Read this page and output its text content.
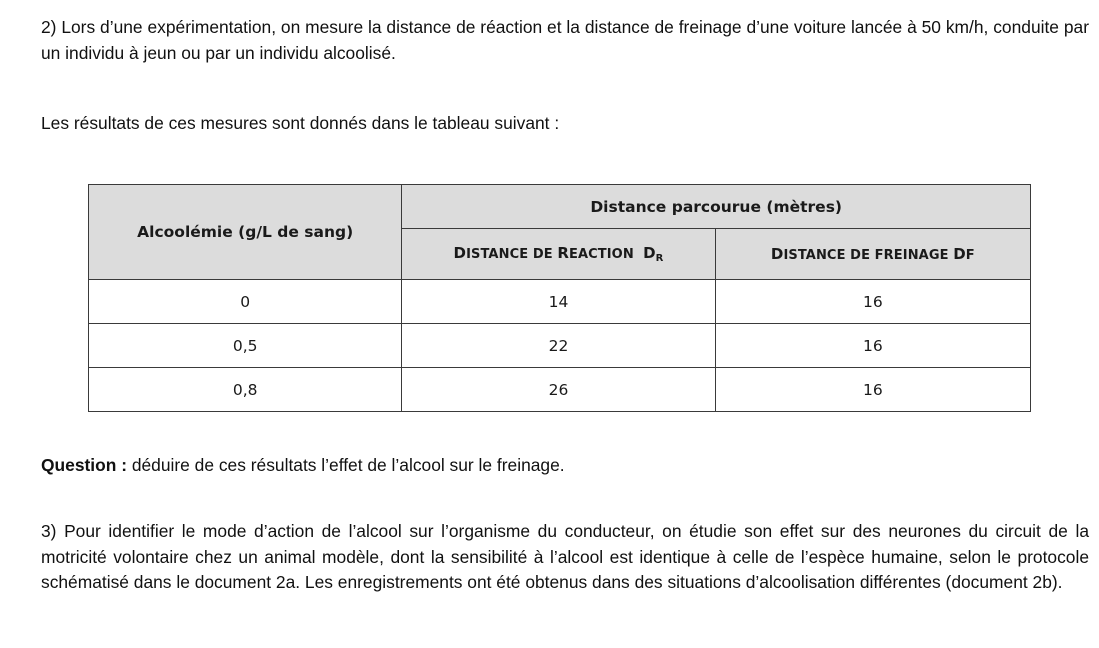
2) Lors d’une expérimentation, on mesure la distance de réaction et la distance de freinage d’une voiture lancée à 50 km/h, conduite par un individu à jeun ou par un individu alcoolisé.

Les résultats de ces mesures sont donnés dans le tableau suivant :

Alcoolémie (g/L de sang)	Distance parcourue (mètres)	
	DISTANCE DE REACTION $D_R$	DISTANCE DE FREINAGE DF
0	14	16
0,5	22	16
0,8	26	16

Question : déduire de ces résultats l’effet de l’alcool sur le freinage.

3) Pour identifier le mode d’action de l’alcool sur l’organisme du conducteur, on étudie son effet sur des neurones du circuit de la motricité volontaire chez un animal modèle, dont la sensibilité à l’alcool est identique à celle de l’espèce humaine, selon le protocole schématisé dans le document 2a. Les enregistrements ont été obtenus dans des situations d’alcoolisation différentes (document 2b).
